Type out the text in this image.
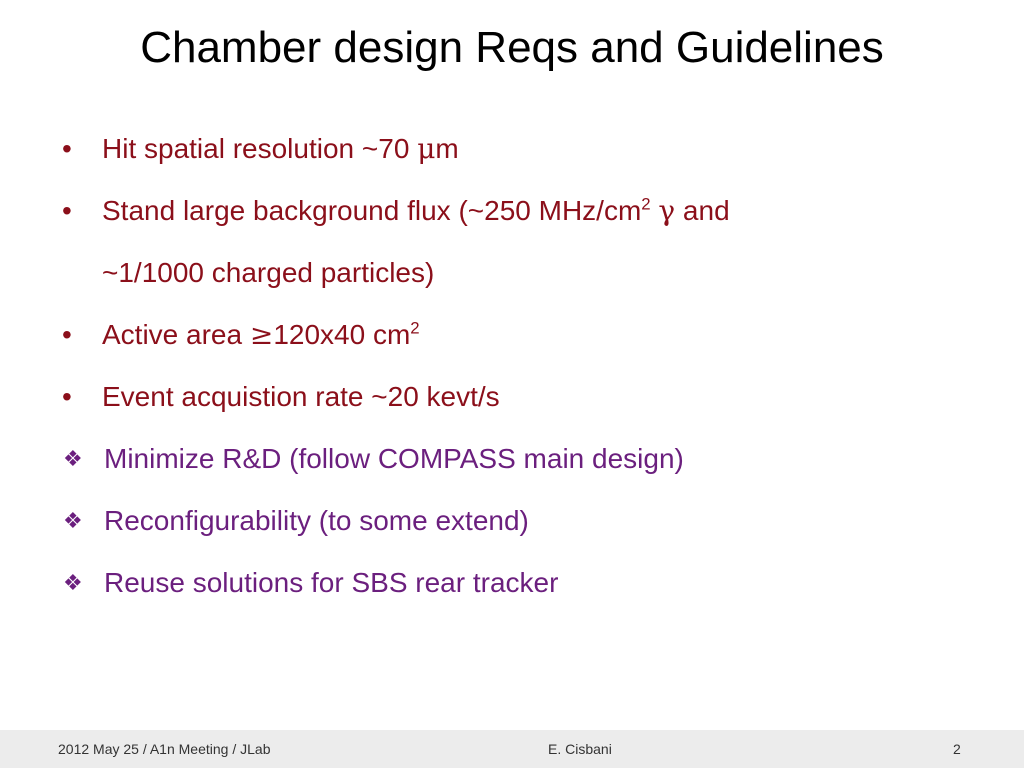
Chamber design Reqs and Guidelines
•	Hit spatial resolution ~70 μm
•	Stand large background flux (~250 MHz/$cm^2$ γ and
~1/1000 charged particles)
•	Active area ≥120x40 $cm^2$
•	Event acquistion rate ~20 kevt/s
❖ Minimize R&D (follow COMPASS main design)
❖ Reconfigurability (to some extend)
❖ Reuse solutions for SBS rear tracker
2012 May 25 / A1n Meeting / JLab	E. Cisbani	2
